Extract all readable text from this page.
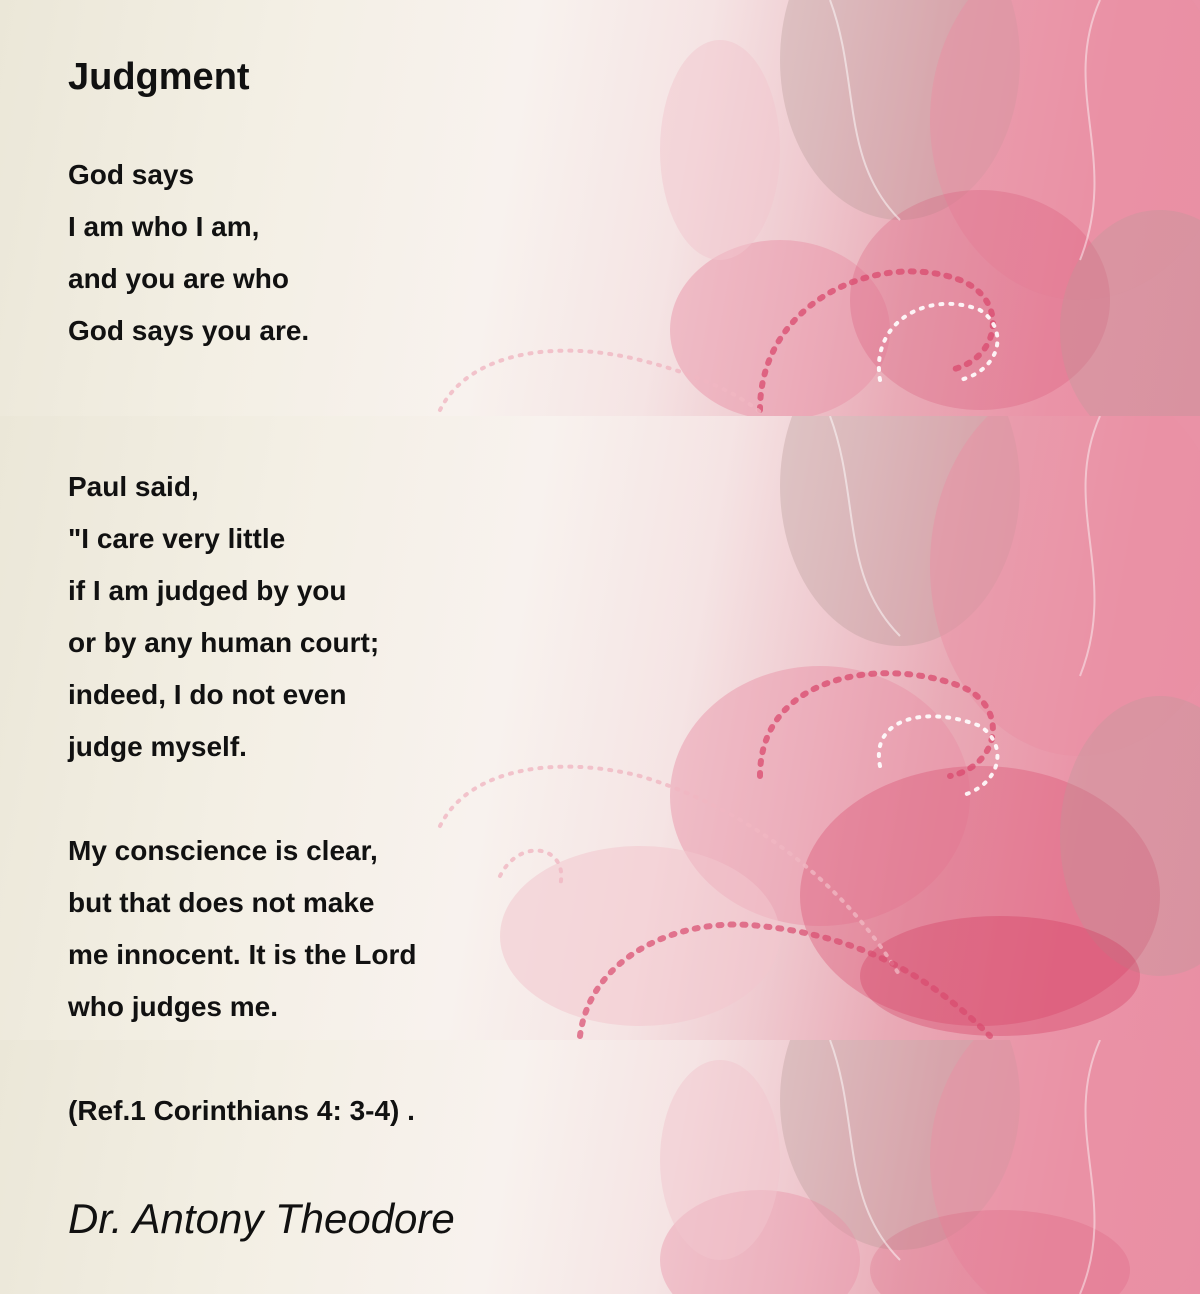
Judgment
God says
I am who I am,
and you are who
God says you are.
Paul said,
"I care very little
if I am judged by you
or by any human court;
indeed, I do not even
judge myself.
My conscience is clear,
but that does not make
me innocent. It is the Lord
who judges me.
(Ref.1 Corinthians 4: 3-4) .

Dr. Antony Theodore
